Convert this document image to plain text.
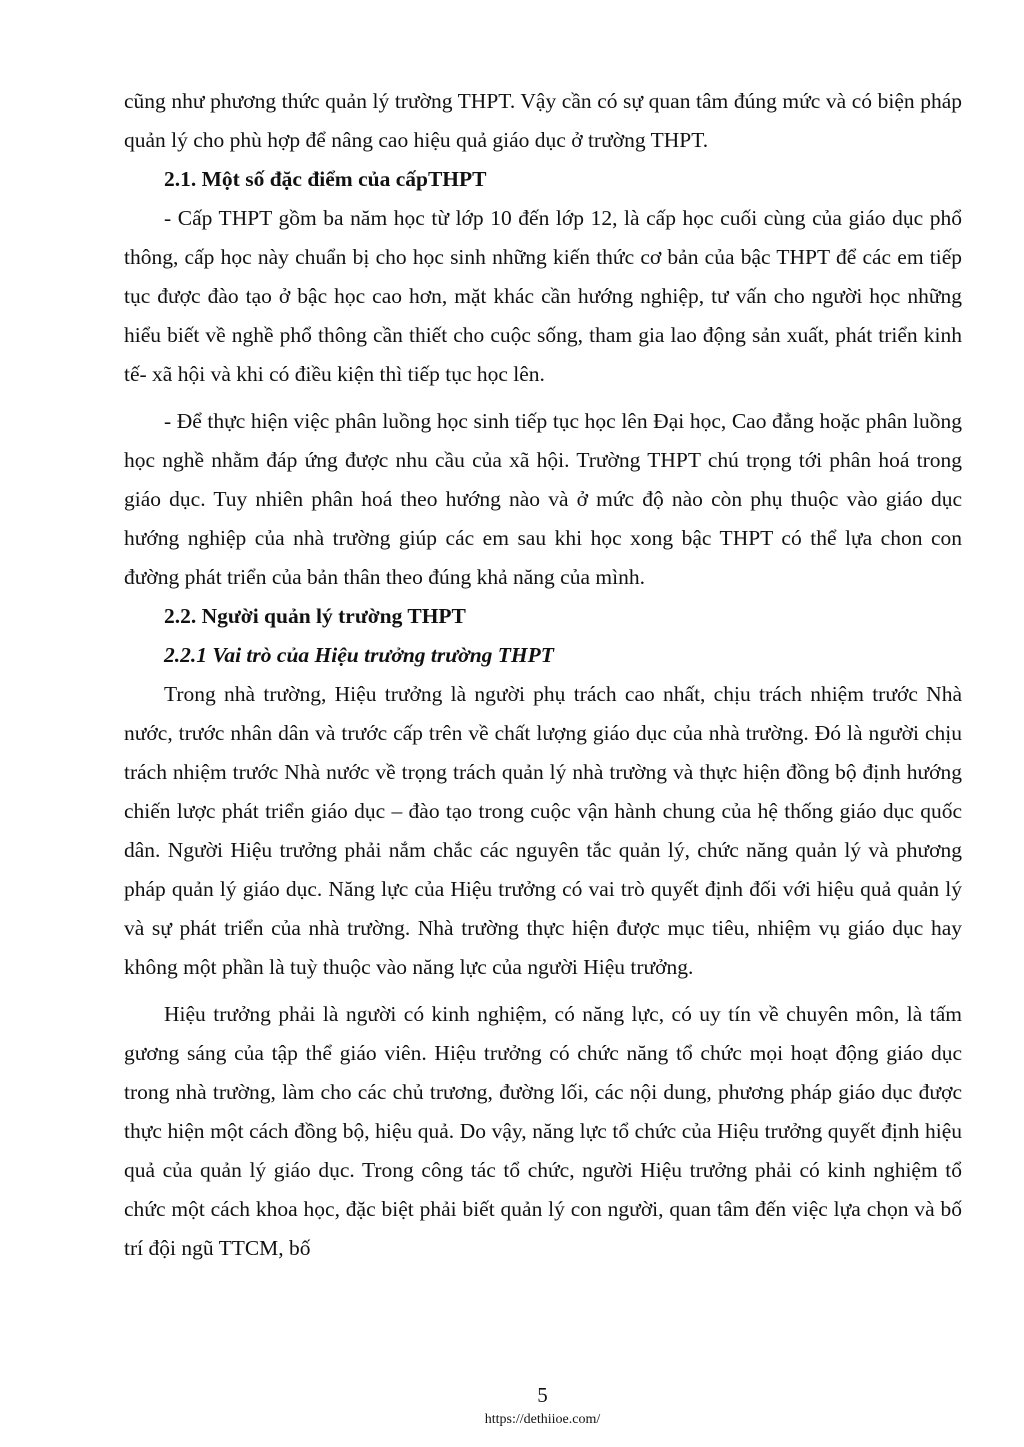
cũng như phương thức quản lý trường THPT. Vậy cần có sự quan tâm đúng mức và có biện pháp quản lý cho phù hợp để nâng cao hiệu quả giáo dục ở trường THPT.

2.1. Một số đặc điểm của cấpTHPT

- Cấp THPT gồm ba năm học từ lớp 10 đến lớp 12, là cấp học cuối cùng của giáo dục phổ thông, cấp học này chuẩn bị cho học sinh những kiến thức cơ bản của bậc THPT để các em tiếp tục được đào tạo ở bậc học cao hơn, mặt khác cần hướng nghiệp, tư vấn cho người học những hiểu biết về nghề phổ thông cần thiết cho cuộc sống, tham gia lao động sản xuất, phát triển kinh tế- xã hội và khi có điều kiện thì tiếp tục học lên.

- Để thực hiện việc phân luồng học sinh tiếp tục học lên Đại học, Cao đẳng hoặc phân luồng học nghề nhằm đáp ứng được nhu cầu của xã hội. Trường THPT chú trọng tới phân hoá trong giáo dục. Tuy nhiên phân hoá theo hướng nào và ở mức độ nào còn phụ thuộc vào giáo dục hướng nghiệp của nhà trường giúp các em sau khi học xong bậc THPT có thể lựa chon con đường phát triển của bản thân theo đúng khả năng của mình.

2.2. Người quản lý trường THPT

2.2.1 Vai trò của Hiệu trưởng trường THPT

Trong nhà trường, Hiệu trưởng là người phụ trách cao nhất, chịu trách nhiệm trước Nhà nước, trước nhân dân và trước cấp trên về chất lượng giáo dục của nhà trường. Đó là người chịu trách nhiệm trước Nhà nước về trọng trách quản lý nhà trường và thực hiện đồng bộ định hướng chiến lược phát triển giáo dục – đào tạo trong cuộc vận hành chung của hệ thống giáo dục quốc dân. Người Hiệu trưởng phải nắm chắc các nguyên tắc quản lý, chức năng quản lý và phương pháp quản lý giáo dục. Năng lực của Hiệu trưởng có vai trò quyết định đối với hiệu quả quản lý và sự phát triển của nhà trường. Nhà trường thực hiện được mục tiêu, nhiệm vụ giáo dục hay không một phần là tuỳ thuộc vào năng lực của người Hiệu trưởng.

Hiệu trưởng phải là người có kinh nghiệm, có năng lực, có uy tín về chuyên môn, là tấm gương sáng của tập thể giáo viên. Hiệu trưởng có chức năng tổ chức mọi hoạt động giáo dục trong nhà trường, làm cho các chủ trương, đường lối, các nội dung, phương pháp giáo dục được thực hiện một cách đồng bộ, hiệu quả. Do vậy, năng lực tổ chức của Hiệu trưởng quyết định hiệu quả của quản lý giáo dục. Trong công tác tổ chức, người Hiệu trưởng phải có kinh nghiệm tổ chức một cách khoa học, đặc biệt phải biết quản lý con người, quan tâm đến việc lựa chọn và bố trí đội ngũ TTCM, bố

5
https://dethiioe.com/
